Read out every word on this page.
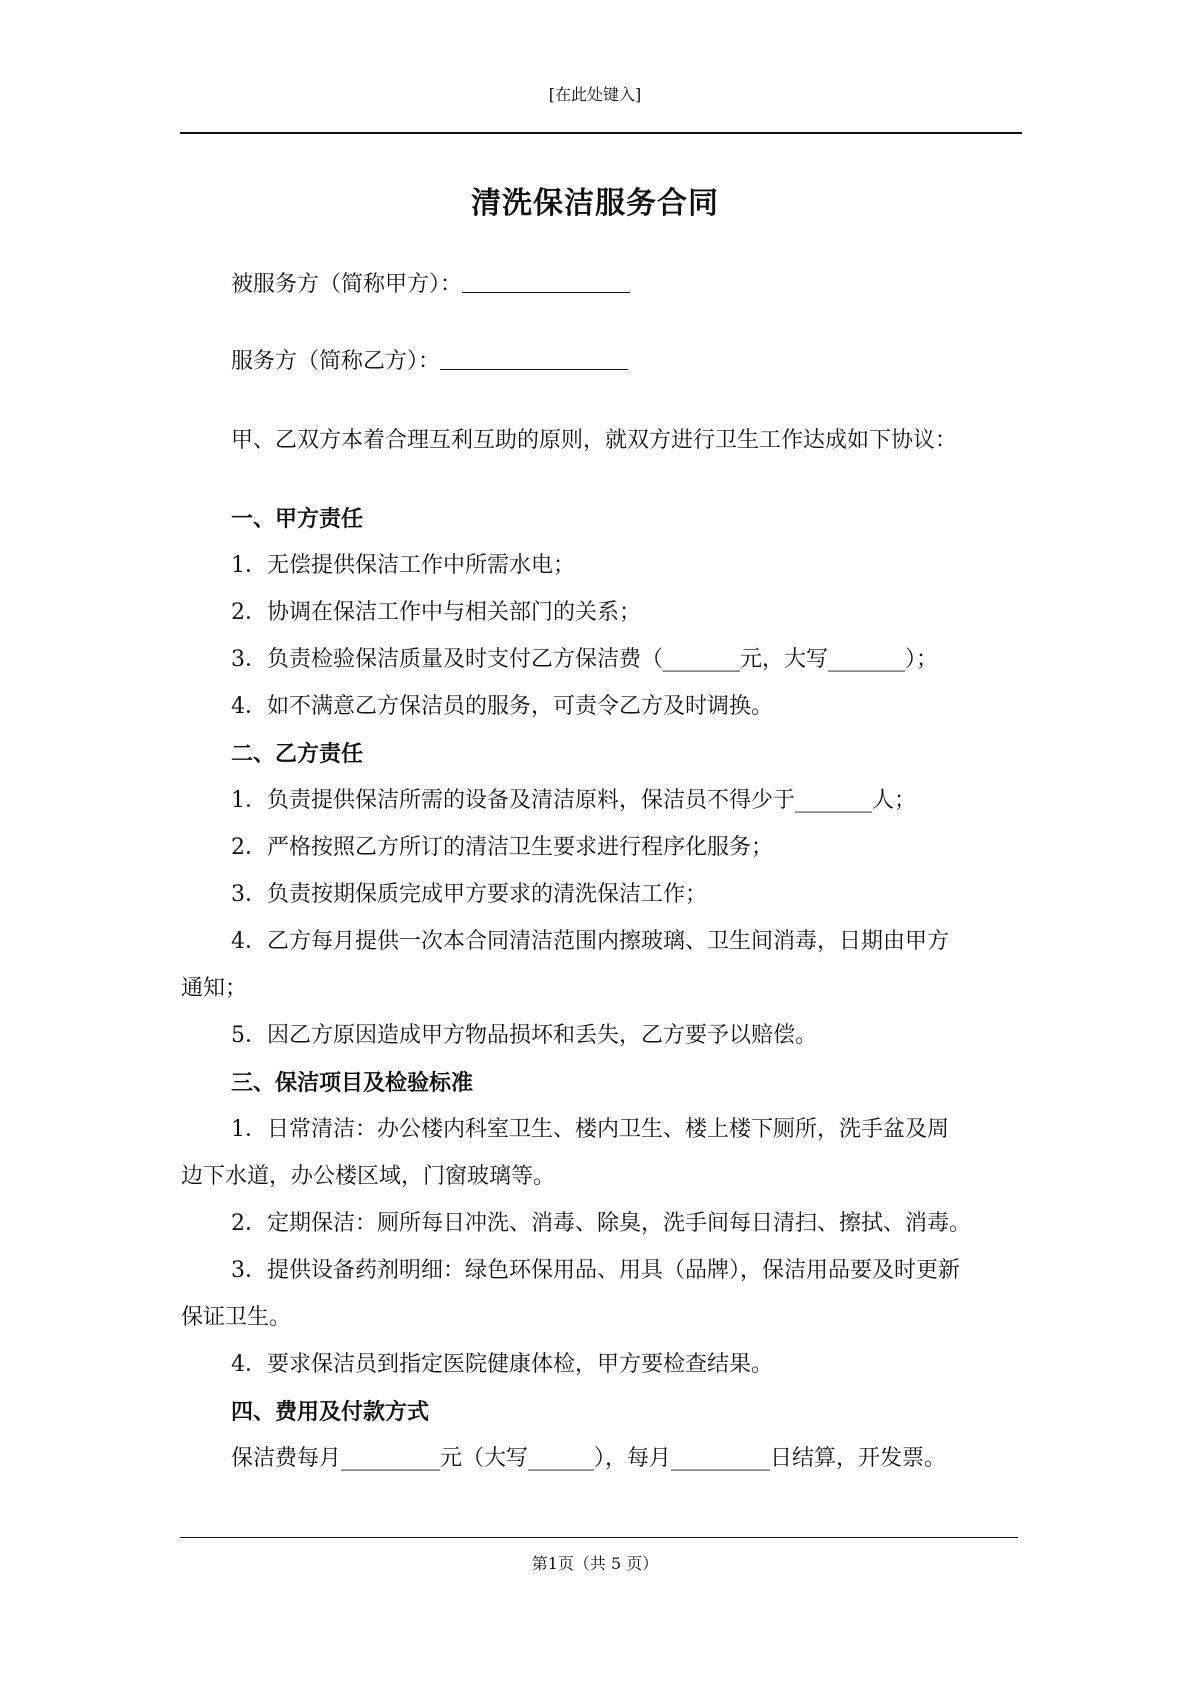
[在此处键入]
清洗保洁服务合同
被服务方（简称甲方）：
服务方（简称乙方）：
甲、乙双方本着合理互利互助的原则，就双方进行卫生工作达成如下协议：
一、甲方责任
1．无偿提供保洁工作中所需水电；
2．协调在保洁工作中与相关部门的关系；
3．负责检验保洁质量及时支付乙方保洁费（_______元，大写_______）；
4．如不满意乙方保洁员的服务，可责令乙方及时调换。
二、乙方责任
1．负责提供保洁所需的设备及清洁原料，保洁员不得少于_______人；
2．严格按照乙方所订的清洁卫生要求进行程序化服务；
3．负责按期保质完成甲方要求的清洗保洁工作；
4．乙方每月提供一次本合同清洁范围内擦玻璃、卫生间消毒，日期由甲方
通知；
5．因乙方原因造成甲方物品损坏和丢失，乙方要予以赔偿。
三、保洁项目及检验标准
1．日常清洁：办公楼内科室卫生、楼内卫生、楼上楼下厕所，洗手盆及周
边下水道，办公楼区域，门窗玻璃等。
2．定期保洁：厕所每日冲洗、消毒、除臭，洗手间每日清扫、擦拭、消毒。
3．提供设备药剂明细：绿色环保用品、用具（品牌），保洁用品要及时更新
保证卫生。
4．要求保洁员到指定医院健康体检，甲方要检查结果。
四、费用及付款方式
保洁费每月_________元（大写______），每月_________日结算，开发票。
第1页（共 5 页）
